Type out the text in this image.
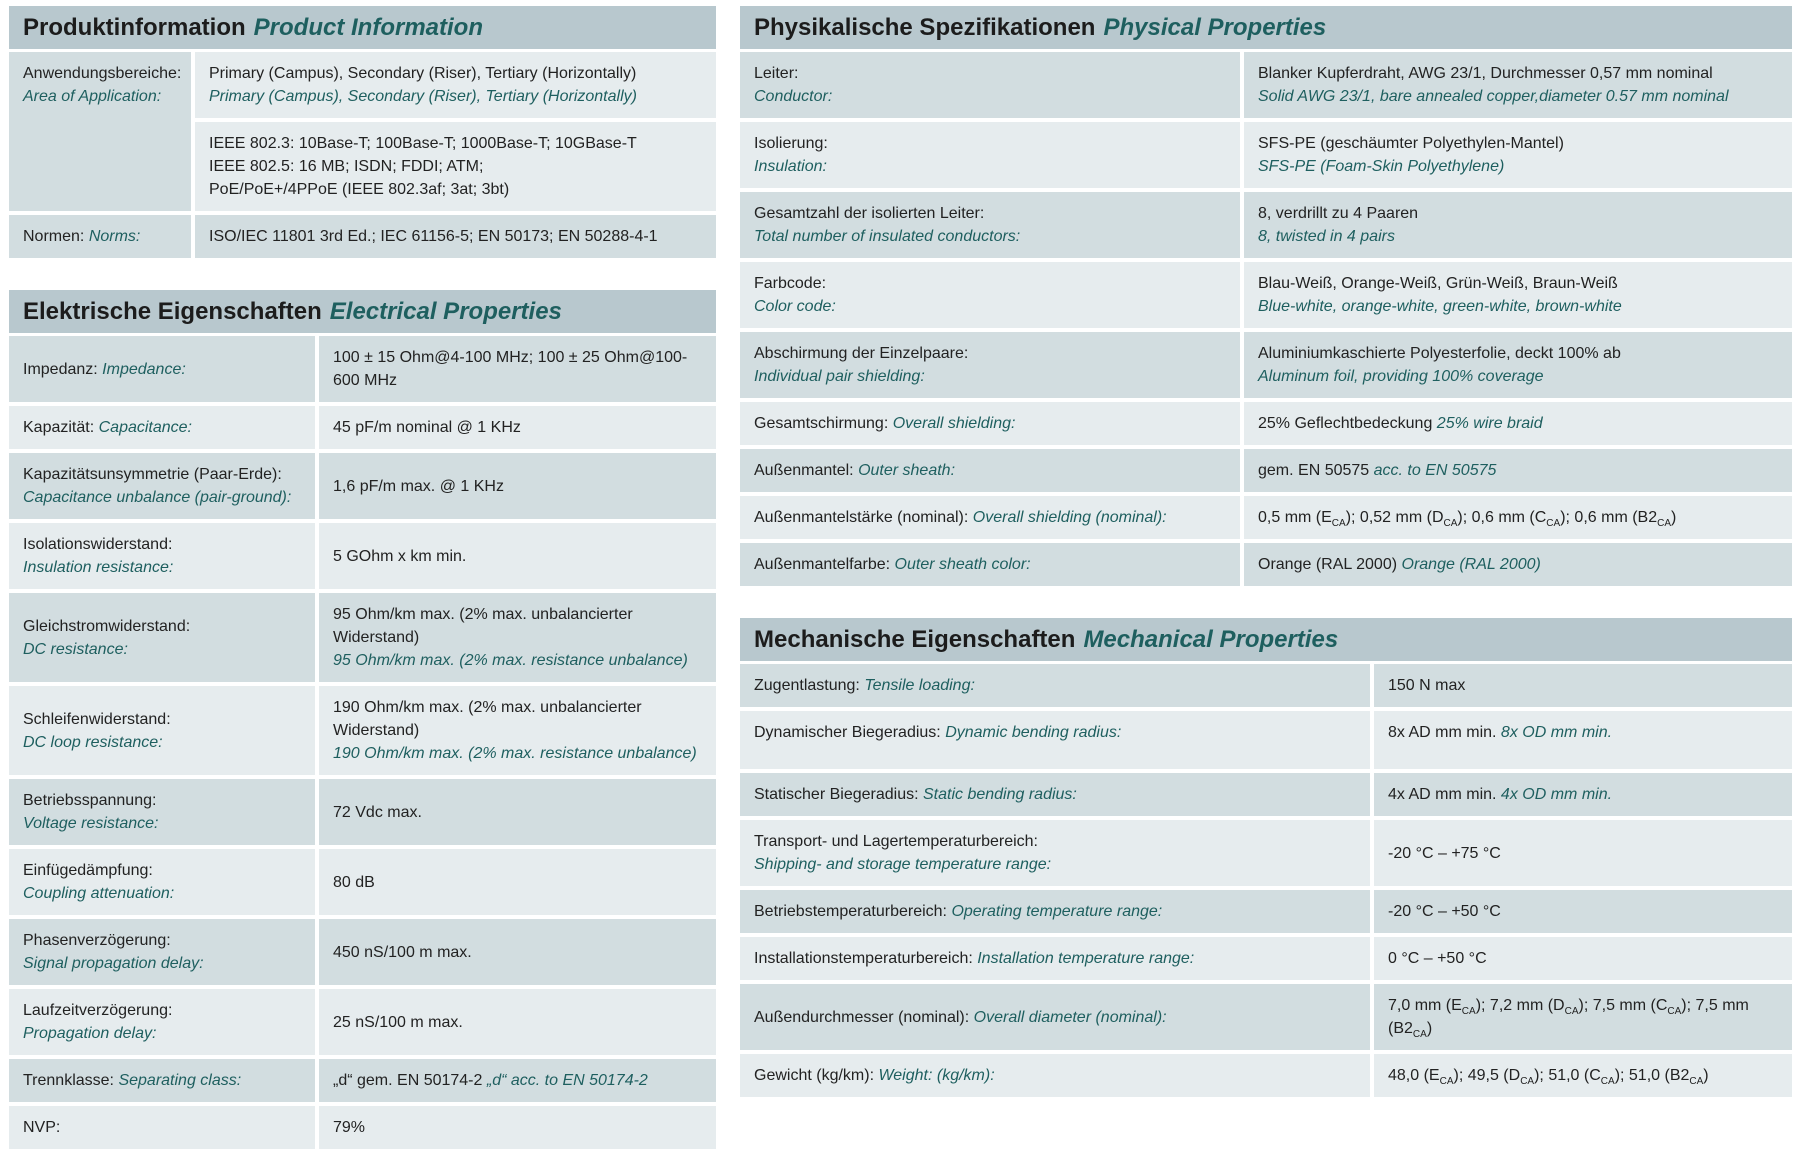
Produktinformation Product Information
Anwendungsbereiche:
Area of Application:	Primary (Campus), Secondary (Riser), Tertiary (Horizontally)
Primary (Campus), Secondary (Riser), Tertiary (Horizontally)

	IEEE 802.3: 10Base-T; 100Base-T; 1000Base-T; 10GBase-T
IEEE 802.5: 16 MB; ISDN; FDDI; ATM;
PoE/PoE+/4PPoE (IEEE 802.3af; 3at; 3bt)

Normen: Norms:	ISO/IEC 11801 3rd Ed.; IEC 61156-5; EN 50173; EN 50288-4-1
Elektrische Eigenschaften Electrical Properties
Impedanz: Impedance:	100 ± 15 Ohm@4-100 MHz; 100 ± 25 Ohm@100-600 MHz
Kapazität: Capacitance:	45 pF/m nominal @ 1 KHz

Kapazitätsunsymmetrie (Paar-Erde):
Capacitance unbalance (pair-ground):	1,6 pF/m max. @ 1 KHz

Isolationswiderstand:
Insulation resistance:	5 GOhm x km min.

Gleichstromwiderstand:
DC resistance:	95 Ohm/km max. (2% max. unbalancierter Widerstand)
95 Ohm/km max. (2% max. resistance unbalance)

Schleifenwiderstand:
DC loop resistance:	190 Ohm/km max. (2% max. unbalancierter Widerstand)
190 Ohm/km max. (2% max. resistance unbalance)

Betriebsspannung:
Voltage resistance:	72 Vdc max.

Einfügedämpfung:
Coupling attenuation:	80 dB

Phasenverzögerung:
Signal propagation delay:	450 nS/100 m max.

Laufzeitverzögerung:
Propagation delay:	25 nS/100 m max.

Trennklasse: Separating class:	„d“ gem. EN 50174-2 „d“ acc. to EN 50174-2
NVP:	79%
Physikalische Spezifikationen Physical Properties
Leiter:
Conductor:	Blanker Kupferdraht, AWG 23/1, Durchmesser 0,57 mm nominal
Solid AWG 23/1, bare annealed copper,diameter 0.57 mm nominal

Isolierung:
Insulation:	SFS-PE (geschäumter Polyethylen-Mantel)
SFS-PE (Foam-Skin Polyethylene)

Gesamtzahl der isolierten Leiter:
Total number of insulated conductors:	8, verdrillt zu 4 Paaren
8, twisted in 4 pairs

Farbcode:
Color code:	Blau-Weiß, Orange-Weiß, Grün-Weiß, Braun-Weiß
Blue-white, orange-white, green-white, brown-white

Abschirmung der Einzelpaare:
Individual pair shielding:	Aluminiumkaschierte Polyesterfolie, deckt 100% ab
Aluminum foil, providing 100% coverage

Gesamtschirmung: Overall shielding:	25% Geflechtbedeckung 25% wire braid
Außenmantel: Outer sheath:	gem. EN 50575 acc. to EN 50575
Außenmantelstärke (nominal): Overall shielding (nominal):	0,5 mm $(E_{CA})$; 0,52 mm $(D_{CA})$; 0,6 mm $(C_{CA})$; 0,6 mm $(B2_{CA})$
Außenmantelfarbe: Outer sheath color:	Orange (RAL 2000) Orange (RAL 2000)
Mechanische Eigenschaften Mechanical Properties
Zugentlastung: Tensile loading:	150 N max
Dynamischer Biegeradius: Dynamic bending radius:	8x AD mm min. 8x OD mm min.
Statischer Biegeradius: Static bending radius:	4x AD mm min. 4x OD mm min.

Transport- und Lagertemperaturbereich:
Shipping- and storage temperature range:	-20 °C – +75 °C

Betriebstemperaturbereich: Operating temperature range:	-20 °C – +50 °C
Installationstemperaturbereich: Installation temperature range:	0 °C – +50 °C
Außendurchmesser (nominal): Overall diameter (nominal):	7,0 mm $(E_{CA})$; 7,2 mm $(D_{CA})$; 7,5 mm $(C_{CA})$; 7,5 mm $(B2_{CA})$
Gewicht (kg/km): Weight: (kg/km):	48,0 $(E_{CA})$; 49,5 $(D_{CA})$; 51,0 $(C_{CA})$; 51,0 $(B2_{CA})$
